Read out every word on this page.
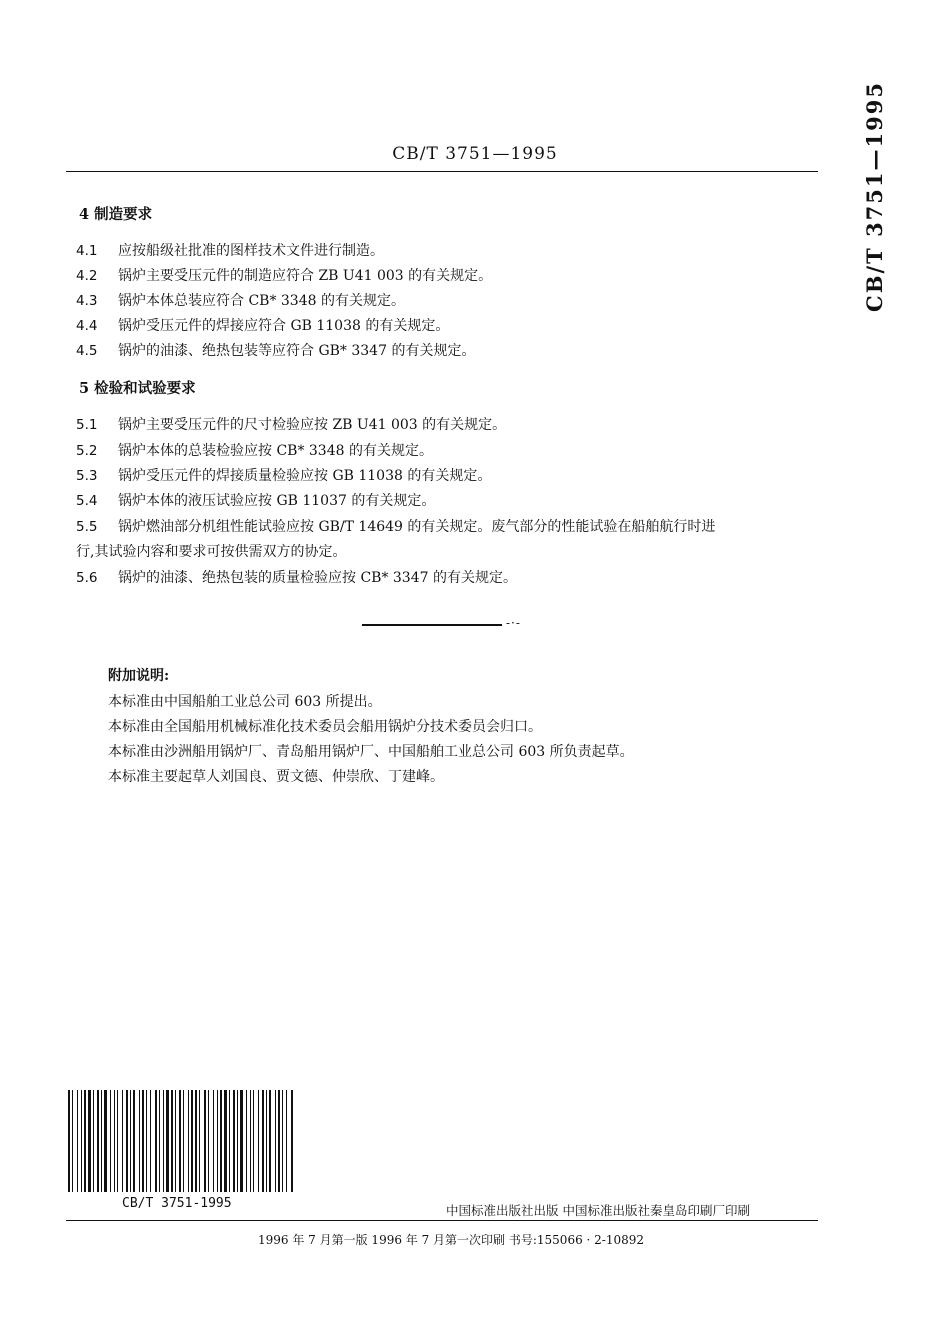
CB/T 3751—1995	CB/T 3751—1995
4 制造要求
4.1 应按船级社批准的图样技术文件进行制造。
4.2 锅炉主要受压元件的制造应符合 ZB U41 003 的有关规定。
4.3 锅炉本体总装应符合 CB* 3348 的有关规定。
4.4 锅炉受压元件的焊接应符合 GB 11038 的有关规定。
4.5 锅炉的油漆、绝热包装等应符合 GB* 3347 的有关规定。
5 检验和试验要求
5.1 锅炉主要受压元件的尺寸检验应按 ZB U41 003 的有关规定。
5.2 锅炉本体的总装检验应按 CB* 3348 的有关规定。
5.3 锅炉受压元件的焊接质量检验应按 GB 11038 的有关规定。
5.4 锅炉本体的液压试验应按 GB 11037 的有关规定。
5.5 锅炉燃油部分机组性能试验应按 GB/T 14649 的有关规定。废气部分的性能试验在船舶航行时进
行,其试验内容和要求可按供需双方的协定。
5.6 锅炉的油漆、绝热包装的质量检验应按 CB* 3347 的有关规定。
-·-
附加说明:
本标准由中国船舶工业总公司 603 所提出。
本标准由全国船用机械标准化技术委员会船用锅炉分技术委员会归口。
本标准由沙洲船用锅炉厂、青岛船用锅炉厂、中国船舶工业总公司 603 所负责起草。
本标准主要起草人刘国良、贾文德、仲崇欣、丁建峰。
CB/T 3751-1995	中国标准出版社出版 中国标准出版社秦皇岛印刷厂印刷
1996 年 7 月第一版 1996 年 7 月第一次印刷 书号:155066 · 2-10892
